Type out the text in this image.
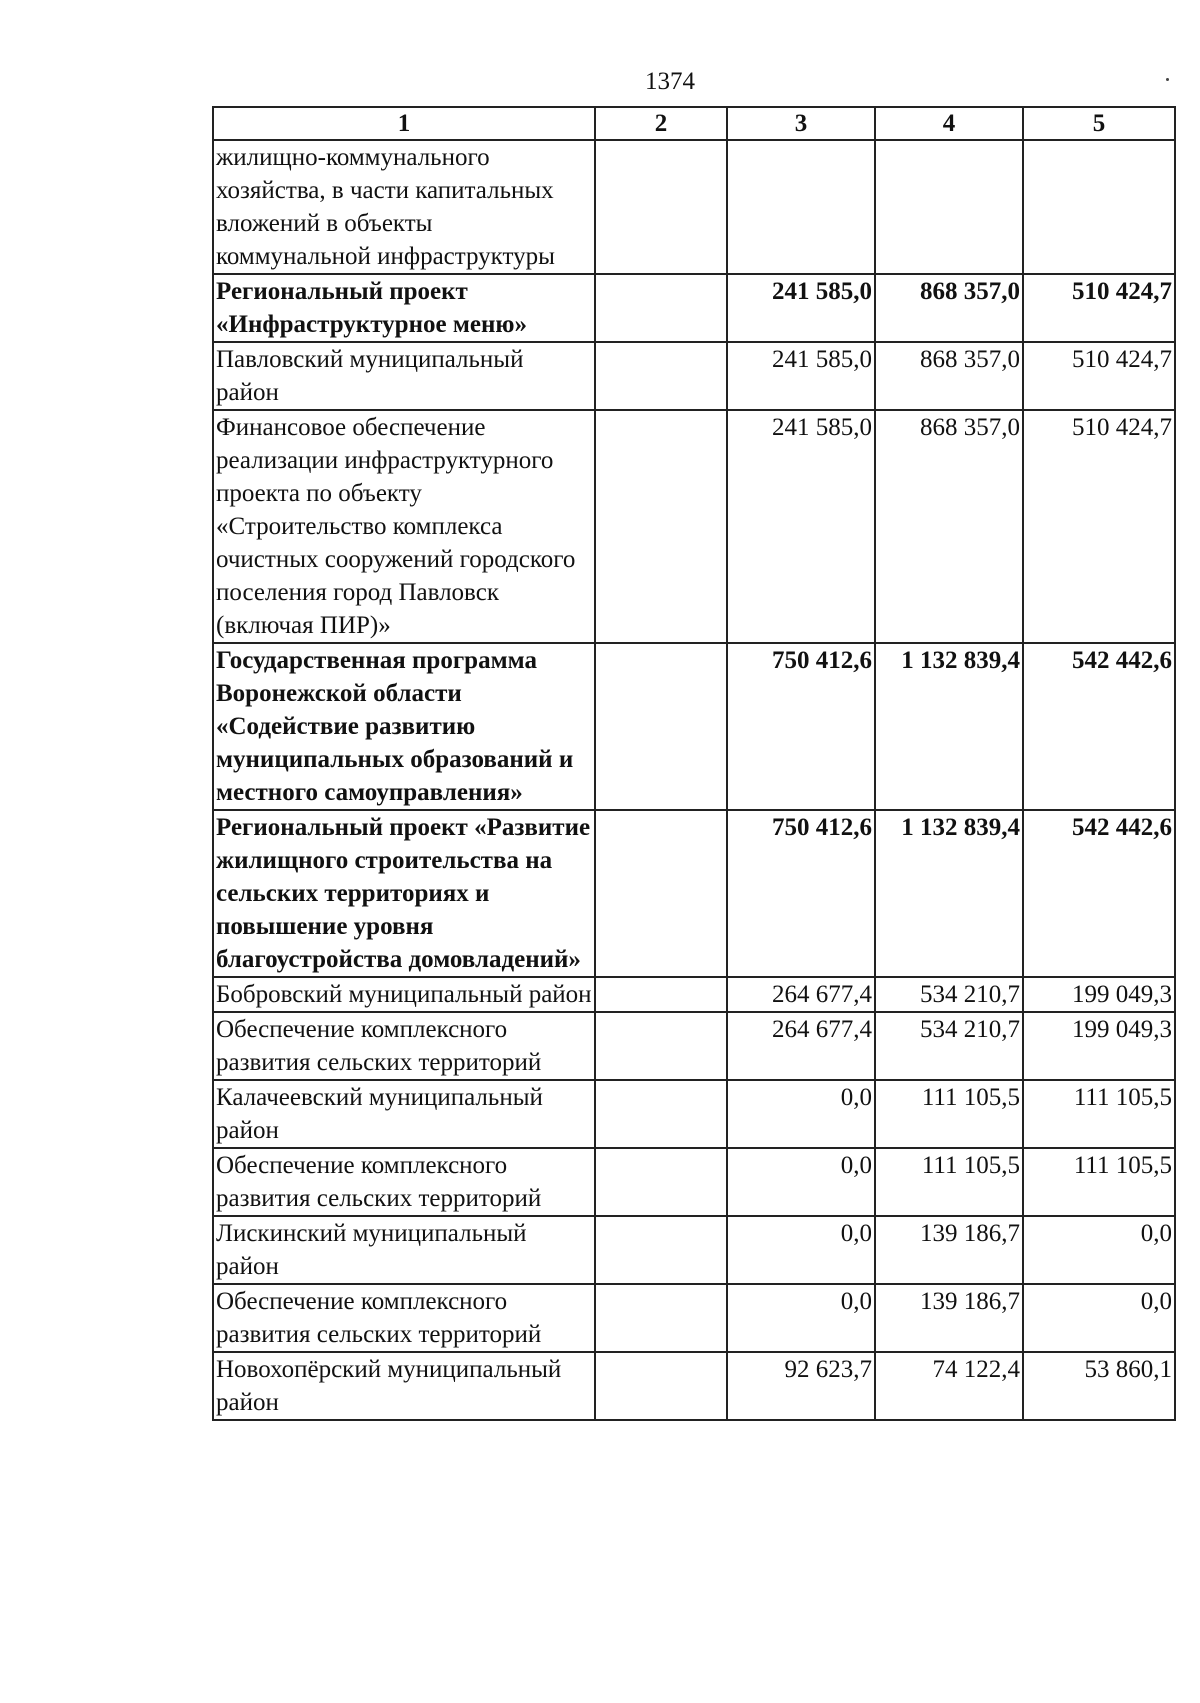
1374
1	2	3	4	5
жилищно-коммунального хозяйства, в части капитальных вложений в объекты коммунальной инфраструктуры				
Региональный проект «Инфраструктурное меню»		241 585,0	868 357,0	510 424,7
Павловский муниципальный район		241 585,0	868 357,0	510 424,7
Финансовое обеспечение реализации инфраструктурного проекта по объекту «Строительство комплекса очистных сооружений городского поселения город Павловск (включая ПИР)»		241 585,0	868 357,0	510 424,7
Государственная программа Воронежской области «Содействие развитию муниципальных образований и местного самоуправления»		750 412,6	1 132 839,4	542 442,6
Региональный проект «Развитие жилищного строительства на сельских территориях и повышение уровня благоустройства домовладений»		750 412,6	1 132 839,4	542 442,6
Бобровский муниципальный район		264 677,4	534 210,7	199 049,3
Обеспечение комплексного развития сельских территорий		264 677,4	534 210,7	199 049,3
Калачеевский муниципальный район		0,0	111 105,5	111 105,5
Обеспечение комплексного развития сельских территорий		0,0	111 105,5	111 105,5
Лискинский муниципальный район		0,0	139 186,7	0,0
Обеспечение комплексного развития сельских территорий		0,0	139 186,7	0,0
Новохопёрский муниципальный район		92 623,7	74 122,4	53 860,1
